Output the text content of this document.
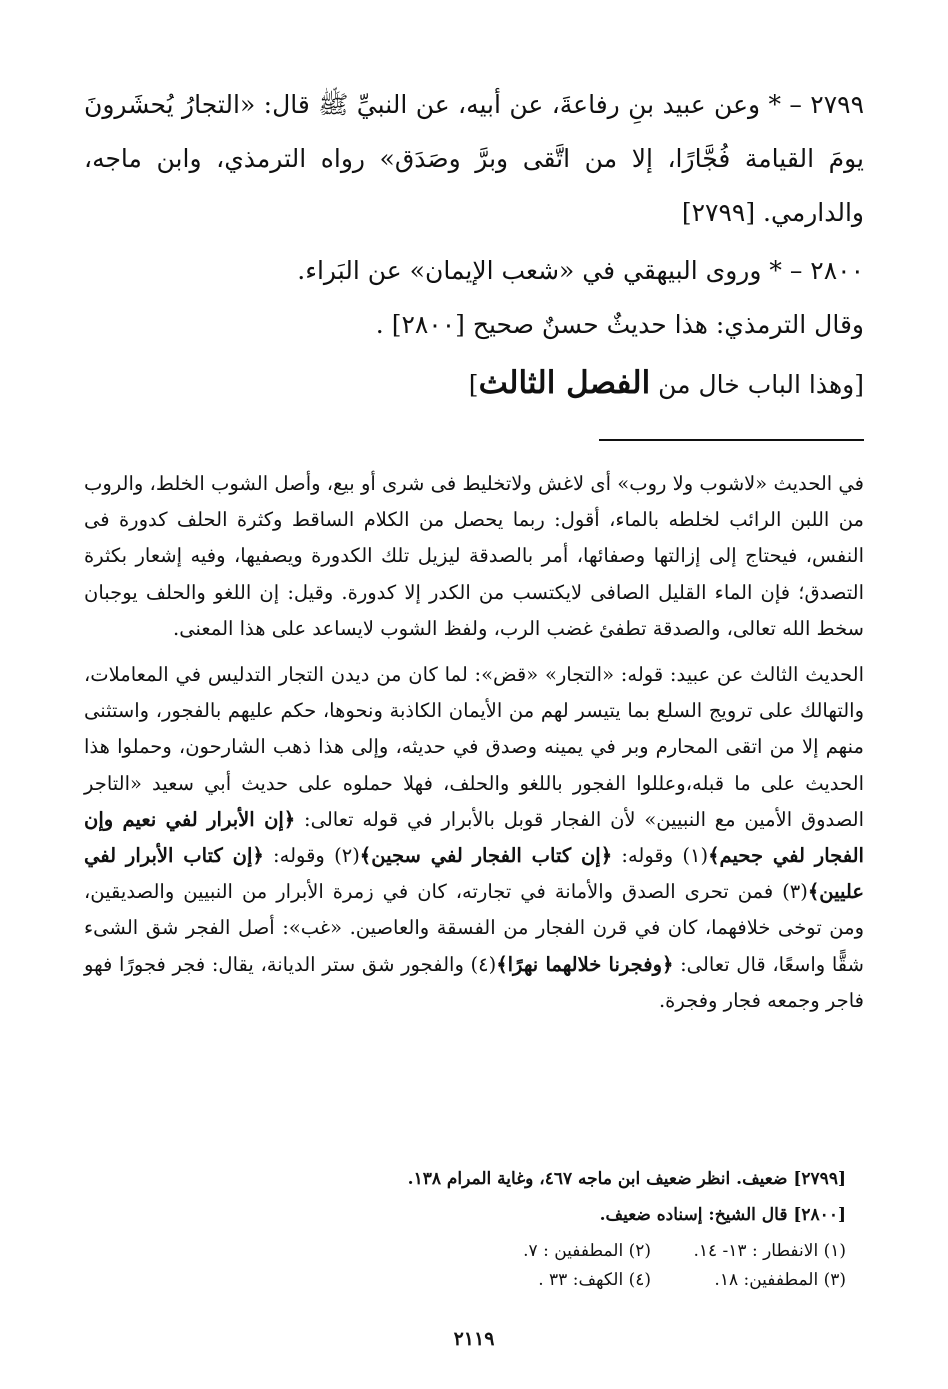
٢٧٩٩ – * وعن عبيد بنِ رفاعةَ، عن أبيه، عن النبيِّ ﷺ قال: «التجارُ يُحشَرونَ يومَ القيامة فُجَّارًا، إلا من اتَّقى وبرَّ وصَدَق» رواه الترمذي، وابن ماجه، والدارمي. [٢٧٩٩]

٢٨٠٠ – * وروى البيهقي في «شعب الإيمان» عن البَراء.

وقال الترمذي: هذا حديثٌ حسنٌ صحيح [٢٨٠٠] .

[وهذا الباب خال من الفصل الثالث]

في الحديث «لاشوب ولا روب» أى لاغش ولاتخليط فى شرى أو بيع، وأصل الشوب الخلط، والروب من اللبن الرائب لخلطه بالماء، أقول: ربما يحصل من الكلام الساقط وكثرة الحلف كدورة فى النفس، فيحتاج إلى إزالتها وصفائها، أمر بالصدقة ليزيل تلك الكدورة ويصفيها، وفيه إشعار بكثرة التصدق؛ فإن الماء القليل الصافى لايكتسب من الكدر إلا كدورة. وقيل: إن اللغو والحلف يوجبان سخط الله تعالى، والصدقة تطفئ غضب الرب، ولفظ الشوب لايساعد على هذا المعنى.

الحديث الثالث عن عبيد: قوله: «التجار» «قض»: لما كان من ديدن التجار التدليس في المعاملات، والتهالك على ترويج السلع بما يتيسر لهم من الأيمان الكاذبة ونحوها، حكم عليهم بالفجور، واستثنى منهم إلا من اتقى المحارم وبر في يمينه وصدق في حديثه، وإلى هذا ذهب الشارحون، وحملوا هذا الحديث على ما قبله،وعللوا الفجور باللغو والحلف، فهلا حملوه على حديث أبي سعيد «التاجر الصدوق الأمين مع النبيين» لأن الفجار قوبل بالأبرار في قوله تعالى: ﴿إن الأبرار لفي نعيم وإن الفجار لفي جحيم﴾(١) وقوله: ﴿إن كتاب الفجار لفي سجين﴾(٢) وقوله: ﴿إن كتاب الأبرار لفي عليين﴾(٣) فمن تحرى الصدق والأمانة في تجارته، كان في زمرة الأبرار من النبيين والصديقين، ومن توخى خلافهما، كان في قرن الفجار من الفسقة والعاصين. «غب»: أصل الفجر شق الشىء شقًّا واسعًا، قال تعالى: ﴿وفجرنا خلالهما نهرًا﴾(٤) والفجور شق ستر الديانة، يقال: فجر فجورًا فهو فاجر وجمعه فجار وفجرة.

[٢٧٩٩] ضعيف. انظر ضعيف ابن ماجه ٤٦٧، وغاية المرام ١٣٨.

[٢٨٠٠] قال الشيخ: إسناده ضعيف.

(١) الانفطار : ١٣- ١٤.
(٢) المطففين : ٧.
(٣) المطففين: ١٨.
(٤) الكهف: ٣٣ .
٢١١٩
